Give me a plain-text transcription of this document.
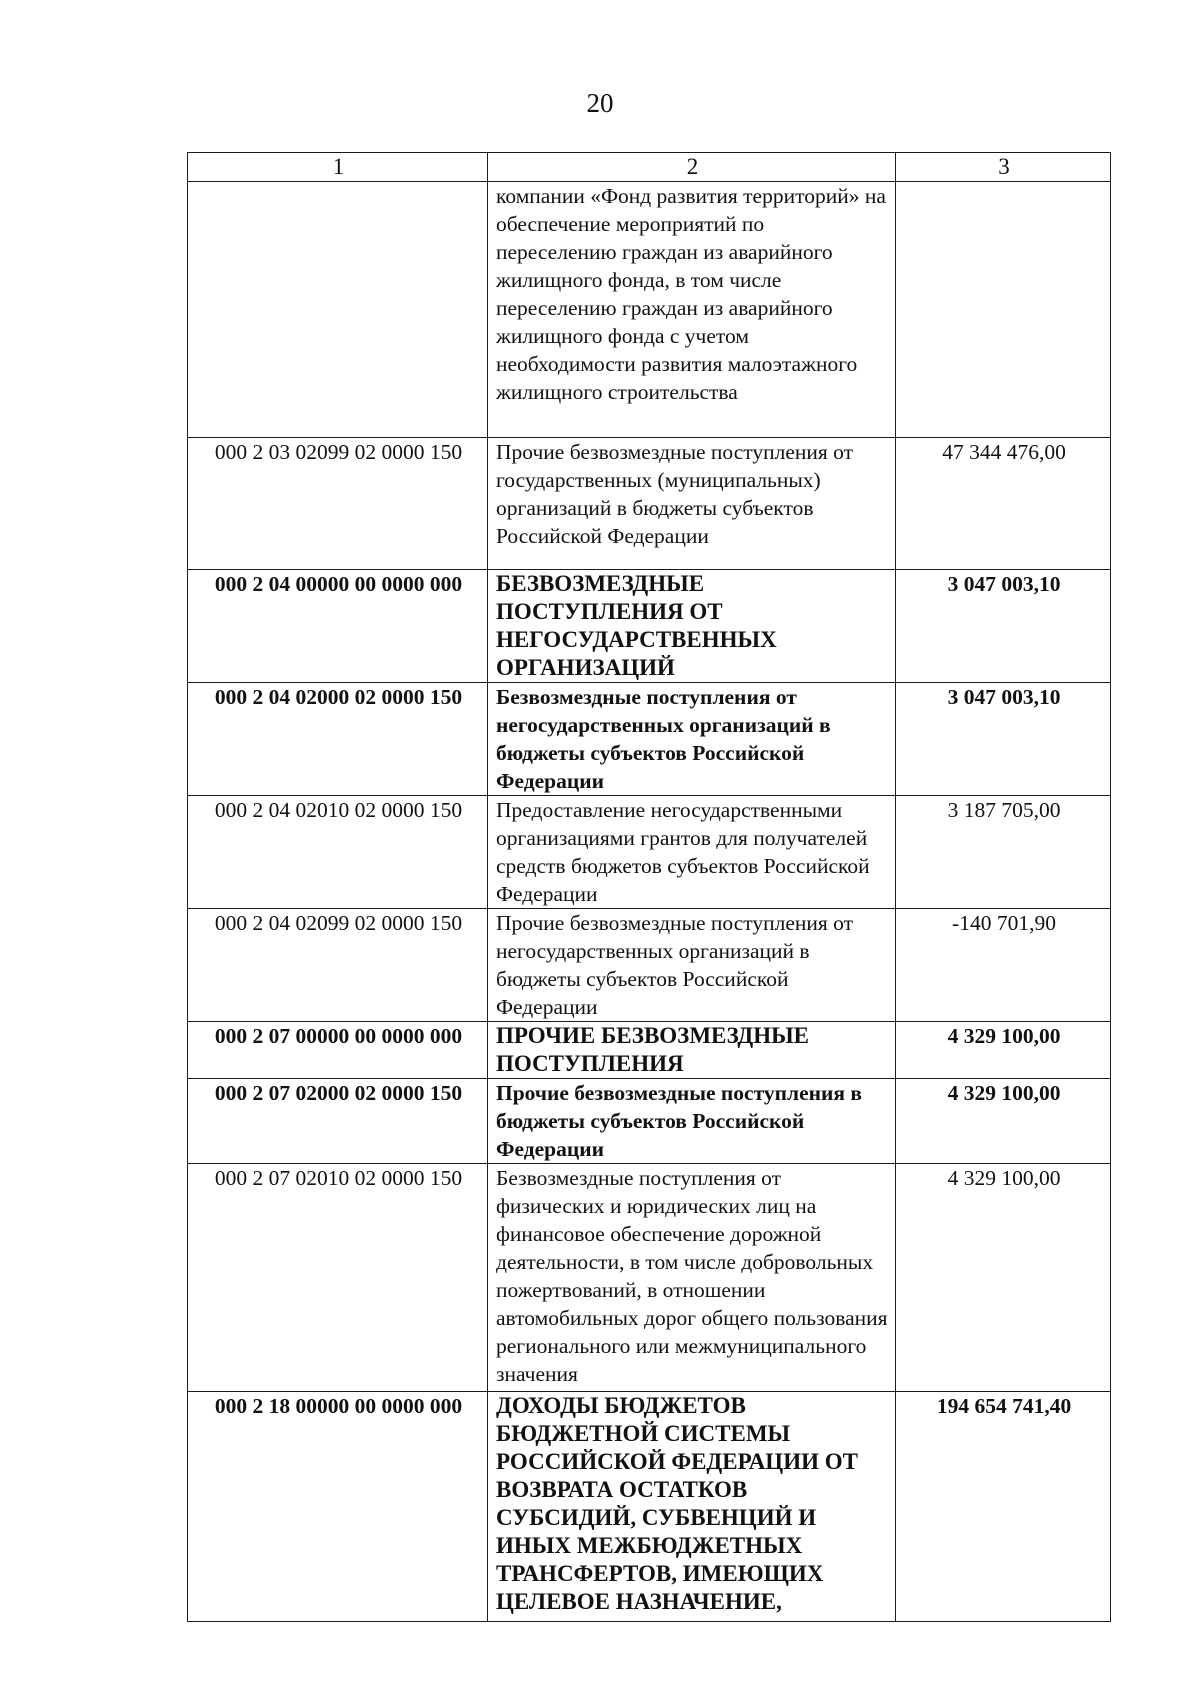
20
1	2	3
	компании «Фонд развития территорий» на обеспечение мероприятий по переселению граждан из аварийного жилищного фонда, в том числе переселению граждан из аварийного жилищного фонда с учетом необходимости развития малоэтажного жилищного строительства	
000 2 03 02099 02 0000 150	Прочие безвозмездные поступления от государственных (муниципальных) организаций в бюджеты субъектов Российской Федерации	47 344 476,00
000 2 04 00000 00 0000 000	БЕЗВОЗМЕЗДНЫЕ ПОСТУПЛЕНИЯ ОТ НЕГОСУДАРСТВЕННЫХ ОРГАНИЗАЦИЙ	3 047 003,10
000 2 04 02000 02 0000 150	Безвозмездные поступления от негосударственных организаций в бюджеты субъектов Российской Федерации	3 047 003,10
000 2 04 02010 02 0000 150	Предоставление негосударственными организациями грантов для получателей средств бюджетов субъектов Российской Федерации	3 187 705,00
000 2 04 02099 02 0000 150	Прочие безвозмездные поступления от негосударственных организаций в бюджеты субъектов Российской Федерации	-140 701,90
000 2 07 00000 00 0000 000	ПРОЧИЕ БЕЗВОЗМЕЗДНЫЕ ПОСТУПЛЕНИЯ	4 329 100,00
000 2 07 02000 02 0000 150	Прочие безвозмездные поступления в бюджеты субъектов Российской Федерации	4 329 100,00
000 2 07 02010 02 0000 150	Безвозмездные поступления от физических и юридических лиц на финансовое обеспечение дорожной деятельности, в том числе добровольных пожертвований, в отношении автомобильных дорог общего пользования регионального или межмуниципального значения	4 329 100,00
000 2 18 00000 00 0000 000	ДОХОДЫ БЮДЖЕТОВ БЮДЖЕТНОЙ СИСТЕМЫ РОССИЙСКОЙ ФЕДЕРАЦИИ ОТ ВОЗВРАТА ОСТАТКОВ СУБСИДИЙ, СУБВЕНЦИЙ И ИНЫХ МЕЖБЮДЖЕТНЫХ ТРАНСФЕРТОВ, ИМЕЮЩИХ ЦЕЛЕВОЕ НАЗНАЧЕНИЕ,	194 654 741,40
